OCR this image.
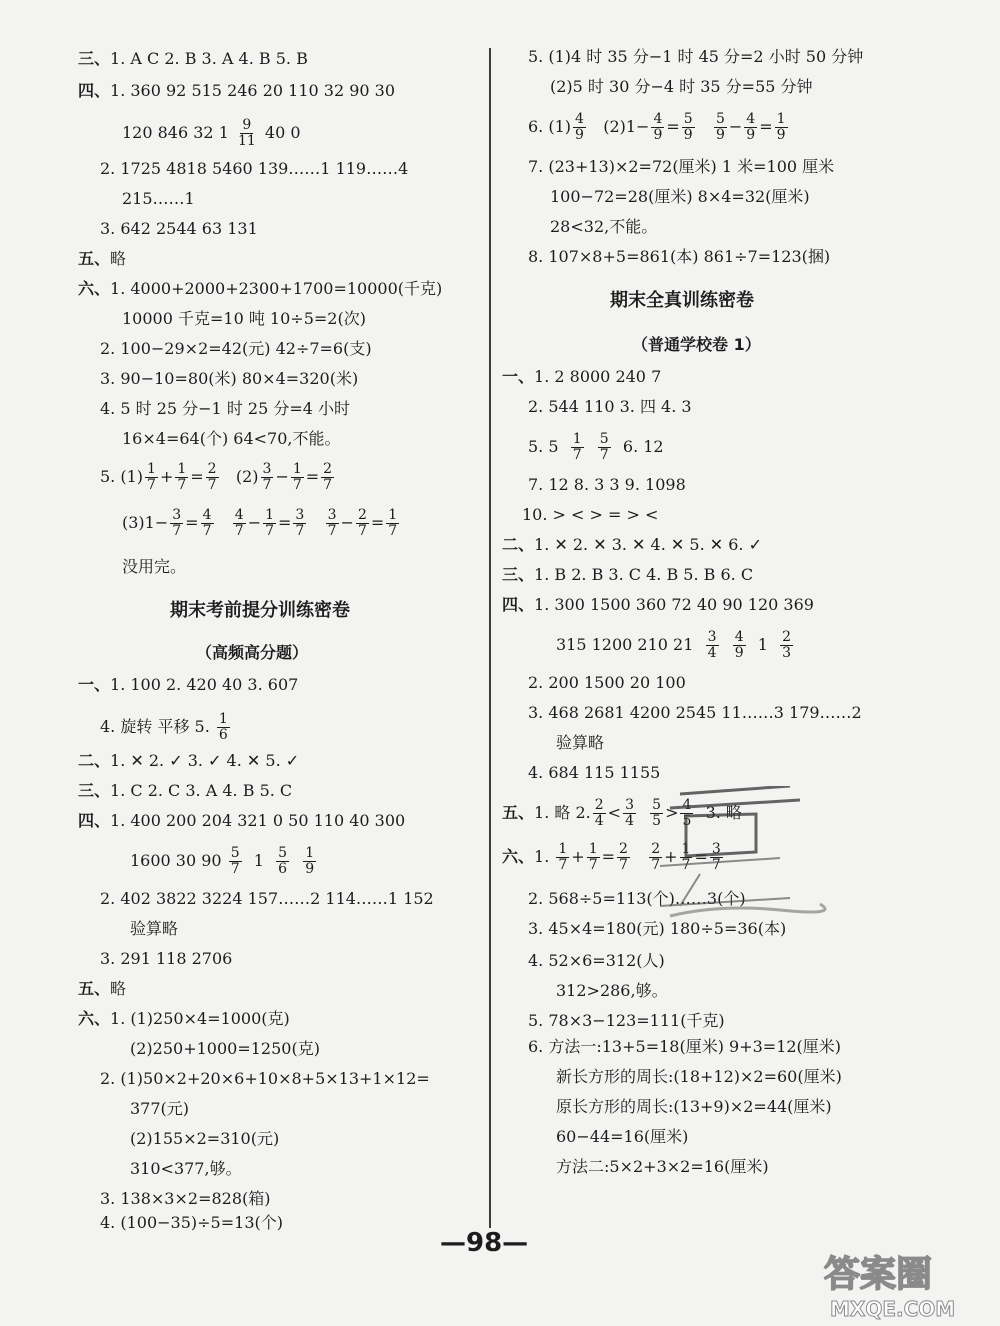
三、1. A C 2. B 3. A 4. B 5. B
四、1. 360 92 515 246 20 110 32 90 30
120 846 32 $1 \frac{9}{11} 40$ 0
2. 1725 4818 5460 139……1 119……4
215……1
3. 642 2544 63 131
五、略
六、1. 4000+2000+2300+1700=10000(千克)
10000 千克=10 吨 10÷5=2(次)
2. 100−29×2=42(元) 42÷7=6(支)
3. 90−10=80(米) 80×4=320(米)
4. 5 时 25 分−1 时 25 分=4 小时
16×4=64(个) 64<70,不能。
5. $(1) \frac{1}{7} + \frac{1}{7} = \frac{2}{7} (2) \frac{3}{7} - \frac{1}{7} = \frac{2}{7}$
$(3)1- \frac{3}{7} = \frac{4}{7}$
$\frac{4}{7} - \frac{1}{7} = \frac{3}{7}$
$\frac{3}{7} - \frac{2}{7} = \frac{1}{7}$
没用完。
期末考前提分训练密卷
（高频高分题）
一、1. 100 2. 420 40 3. 607
4. 旋转 平移 5. $\frac{1}{6}$
二、1. ✕ 2. ✓ 3. ✓ 4. ✕ 5. ✓
三、1. C 2. C 3. A 4. B 5. C
四、1. 400 200 204 321 0 50 110 40 300
1600 30 $90 \frac{5}{7} 1 \frac{5}{6}$
$\frac{1}{9}$
2. 402 3822 3224 157……2 114……1 152
验算略
3. 291 118 2706
五、略
六、1. (1)250×4=1000(克)
(2)250+1000=1250(克)
2. (1)50×2+20×6+10×8+5×13+1×12=
377(元)
(2)155×2=310(元)
310<377,够。
3. 138×3×2=828(箱)
4. (100−35)÷5=13(个)
5. (1)4 时 35 分−1 时 45 分=2 小时 50 分钟
(2)5 时 30 分−4 时 35 分=55 分钟
6. $(1) \frac{4}{9} (2)1- \frac{4}{9} = \frac{5}{9}$
$\frac{5}{9} - \frac{4}{9} = \frac{1}{9}$
7. (23+13)×2=72(厘米) 1 米=100 厘米
100−72=28(厘米) 8×4=32(厘米)
28<32,不能。
8. 107×8+5=861(本) 861÷7=123(捆)
期末全真训练密卷
（普通学校卷 1）
一、1. 2 8000 240 7
2. 544 110 3. 四 4. 3
5. $5 \frac{1}{7}$
$\frac{5}{7} 6$. 12
7. 12 8. 3 3 9. 1098
10. > < > = > <
二、1. ✕ 2. ✕ 3. ✕ 4. ✕ 5. ✕ 6. ✓
三、1. B 2. B 3. C 4. B 5. B 6. C
四、1. 300 1500 360 72 40 90 120 369
315 1200 210 $21 \frac{3}{4}$
$\frac{4}{9} 1 \frac{2}{3}$
2. 200 1500 20 100
3. 468 2681 4200 2545 11……3 179……2
验算略
4. 684 115 1155
五、1. 略 2. $\frac{2}{4} < \frac{3}{4}$
$\frac{5}{5} > \frac{4}{5} 3$. 略
六、1. $\frac{1}{7} + \frac{1}{7} = \frac{2}{7}$
$\frac{2}{7} + \frac{1}{7} = \frac{3}{7}$
2. 568÷5=113(个)……3(个)
3. 45×4=180(元) 180÷5=36(本)
4. 52×6=312(人)
312>286,够。
5. 78×3−123=111(千克)
6. 方法一:13+5=18(厘米) 9+3=12(厘米)
新长方形的周长:(18+12)×2=60(厘米)
原长方形的周长:(13+9)×2=44(厘米)
60−44=16(厘米)
方法二:5×2+3×2=16(厘米)
—98—
答案圈
MXQE.COM
